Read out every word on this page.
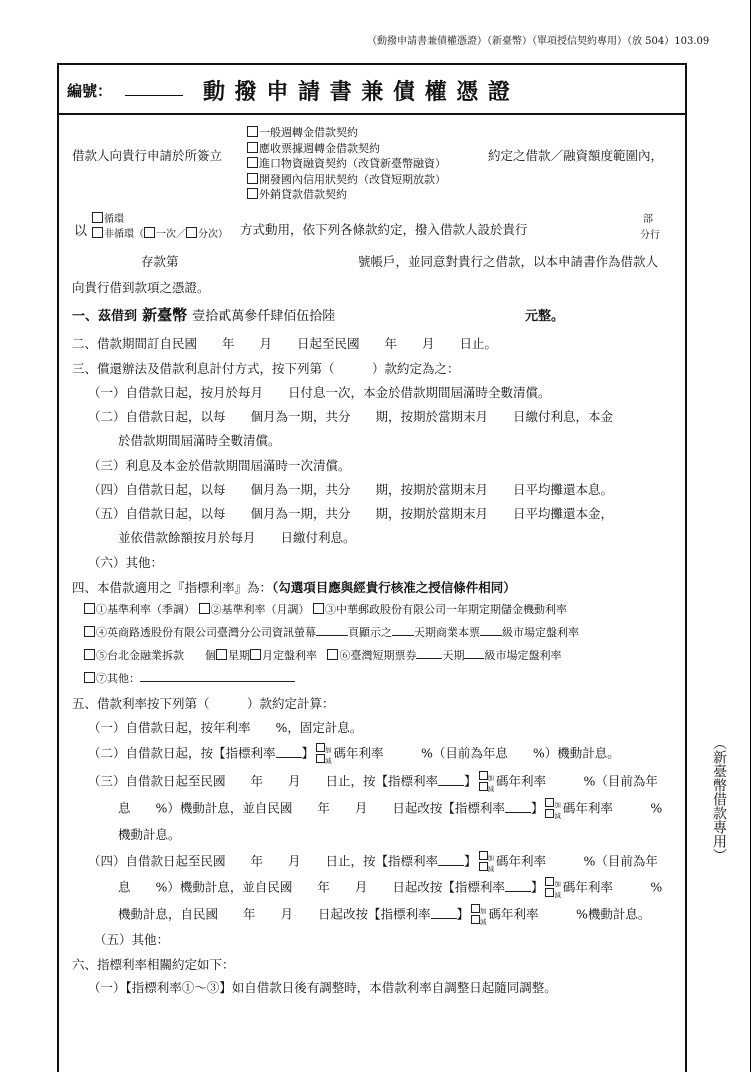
（動撥申請書兼債權憑證）（新臺幣）（單項授信契約專用）（放 504）103.09
（新臺幣借款專用）
編號：	動 撥 申 請 書 兼 債 權 憑 證
借款人向貴行申請於所簽立
一般週轉金借款契約
應收票據週轉金借款契約
進口物資融資契約（改貸新臺幣融資）
開發國內信用狀契約（改貸短期放款）
外銷貸款借款契約
約定之借款／融資額度範圍內，
以
循環
非循環（ 一次／ 分次） 方式動用，依下列各條款約定，撥入借款人設於貴行
部
分行
存款第	號帳戶，並同意對貴行之借款，以本申請書作為借款人
向貴行借到款項之憑證。
一、茲借到 新臺幣 壹拾貳萬參仟肆佰伍拾陸	元整。
二、借款期間訂自民國　　年　　月　　日起至民國　　年　　月　　日止。
三、償還辦法及借款利息計付方式，按下列第（　　　）款約定為之：
（一）自借款日起，按月於每月　　日付息一次，本金於借款期間屆滿時全數清償。
（二）自借款日起，以每　　個月為一期，共分　　期，按期於當期末月　　日繳付利息，本金
於借款期間屆滿時全數清償。
（三）利息及本金於借款期間屆滿時一次清償。
（四）自借款日起，以每　　個月為一期，共分　　期，按期於當期末月　　日平均攤還本息。
（五）自借款日起，以每　　個月為一期，共分　　期，按期於當期末月　　日平均攤還本金，
並依借款餘額按月於每月　　日繳付利息。
（六）其他：
四、本借款適用之『指標利率』為：（勾選項目應與經貴行核准之授信條件相同）
①基準利率（季調） ②基準利率（月調） ③中華郵政股份有限公司一年期定期儲金機動利率
④英商路透股份有限公司臺灣分公司資訊螢幕	頁顯示之 天期商業本票 級市場定盤利率
⑤台北金融業拆款 個 星期 月定盤利率 ⑥臺灣短期票券 天期 級市場定盤利率
⑦其他：
五、借款利率按下列第（　　　）款約定計算：
（一）自借款日起，按年利率　　%，固定計息。
（二）自借款日起，按【指標利率 】	加
減
碼年利率　　　%（目前為年息　　%）機動計息。
（三）自借款日起至民國　　年　　月　　日止，按【指標利率 】	加
減
碼年利率　　　%（目前為年
息　　%）機動計息，並自民國　　年　　月　　日起改按【指標利率 】	加
減
碼年利率　　　%
機動計息。
（四）自借款日起至民國　　年　　月　　日止，按【指標利率 】	加
減
碼年利率　　　%（目前為年
息　　%）機動計息，並自民國　　年　　月　　日起改按【指標利率 】	加
減
碼年利率　　　%
機動計息，自民國　　年　　月　　日起改按【指標利率 】	加
減
碼年利率　　　%機動計息。
（五）其他：
六、指標利率相關約定如下：
（一）【指標利率①～③】如自借款日後有調整時，本借款利率自調整日起隨同調整。
